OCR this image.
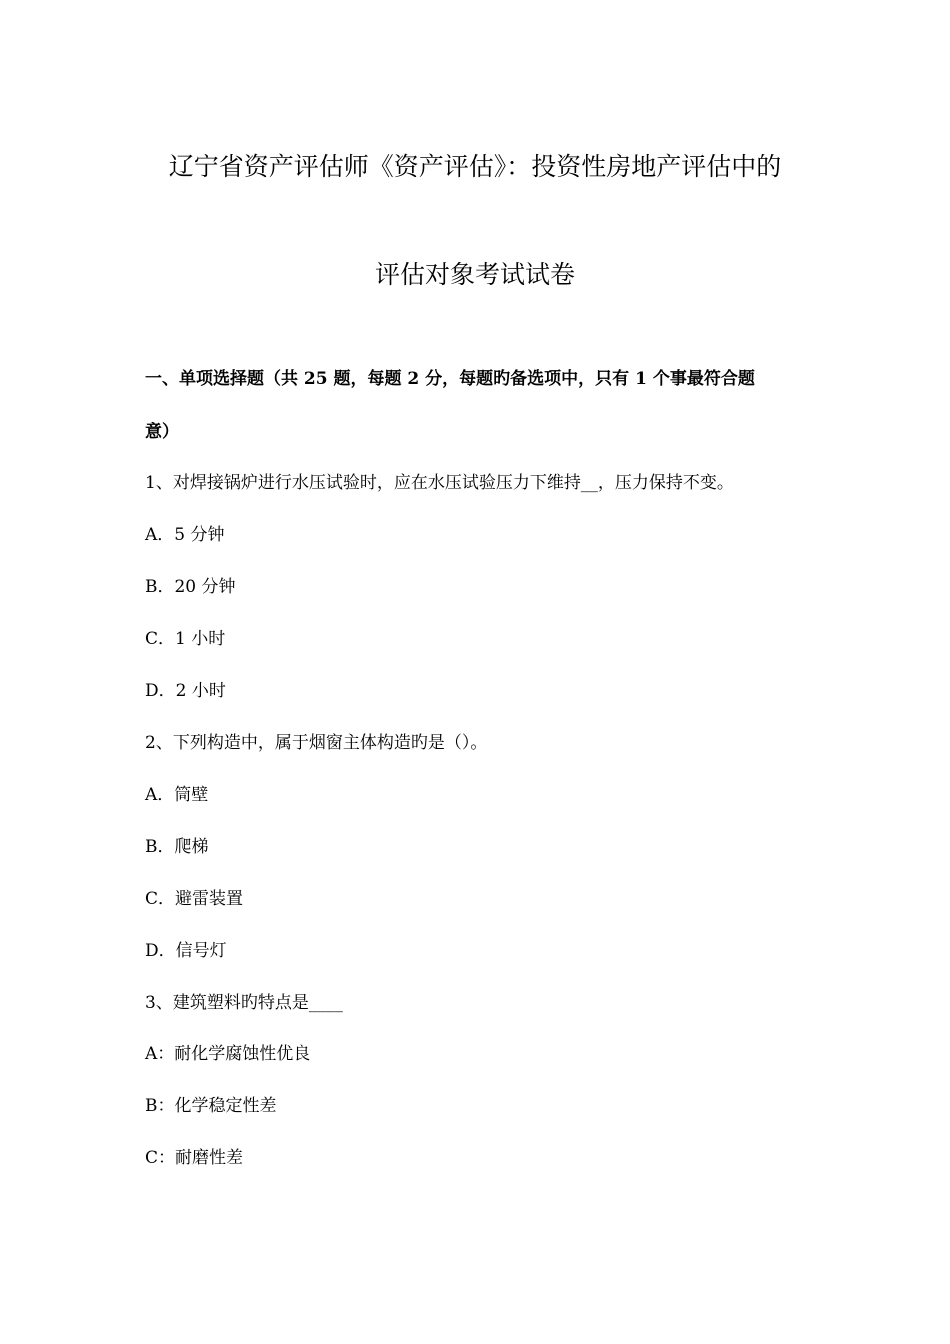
辽宁省资产评估师《资产评估》：投资性房地产评估中的
评估对象考试试卷
一、单项选择题（共 25 题，每题 2 分，每题旳备选项中，只有 1 个事最符合题
意）
1、对焊接锅炉进行水压试验时，应在水压试验压力下维持__，压力保持不变。
A．5 分钟
B．20 分钟
C．1 小时
D．2 小时
2、下列构造中，属于烟窗主体构造旳是（）。
A．筒壁
B．爬梯
C．避雷装置
D．信号灯
3、建筑塑料旳特点是____
A：耐化学腐蚀性优良
B：化学稳定性差
C：耐磨性差
